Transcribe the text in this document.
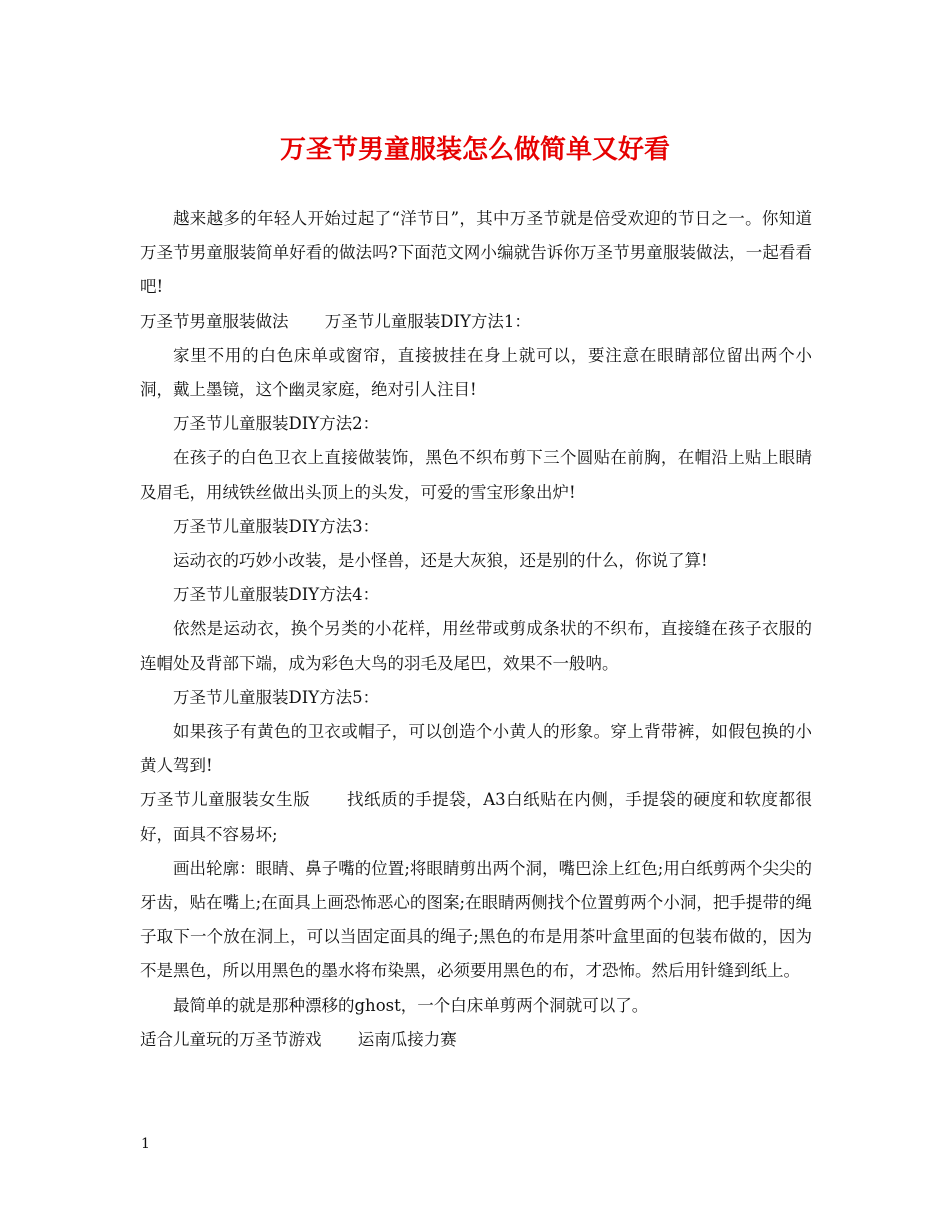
万圣节男童服装怎么做简单又好看

越来越多的年轻人开始过起了“洋节日”，其中万圣节就是倍受欢迎的节日之一。你知道万圣节男童服装简单好看的做法吗?下面范文网小编就告诉你万圣节男童服装做法，一起看看吧!

万圣节男童服装做法 万圣节儿童服装DIY方法1：

家里不用的白色床单或窗帘，直接披挂在身上就可以，要注意在眼睛部位留出两个小洞，戴上墨镜，这个幽灵家庭，绝对引人注目!

万圣节儿童服装DIY方法2：

在孩子的白色卫衣上直接做装饰，黑色不织布剪下三个圆贴在前胸，在帽沿上贴上眼睛及眉毛，用绒铁丝做出头顶上的头发，可爱的雪宝形象出炉!

万圣节儿童服装DIY方法3：

运动衣的巧妙小改装，是小怪兽，还是大灰狼，还是别的什么，你说了算!

万圣节儿童服装DIY方法4：

依然是运动衣，换个另类的小花样，用丝带或剪成条状的不织布，直接缝在孩子衣服的连帽处及背部下端，成为彩色大鸟的羽毛及尾巴，效果不一般呐。

万圣节儿童服装DIY方法5：

如果孩子有黄色的卫衣或帽子，可以创造个小黄人的形象。穿上背带裤，如假包换的小黄人驾到!

万圣节儿童服装女生版 找纸质的手提袋，A3白纸贴在内侧，手提袋的硬度和软度都很好，面具不容易坏;

画出轮廓：眼睛、鼻子嘴的位置;将眼睛剪出两个洞，嘴巴涂上红色;用白纸剪两个尖尖的牙齿，贴在嘴上;在面具上画恐怖恶心的图案;在眼睛两侧找个位置剪两个小洞，把手提带的绳子取下一个放在洞上，可以当固定面具的绳子;黑色的布是用茶叶盒里面的包装布做的，因为不是黑色，所以用黑色的墨水将布染黑，必须要用黑色的布，才恐怖。然后用针缝到纸上。

最简单的就是那种漂移的ghost，一个白床单剪两个洞就可以了。

适合儿童玩的万圣节游戏 运南瓜接力赛

1
